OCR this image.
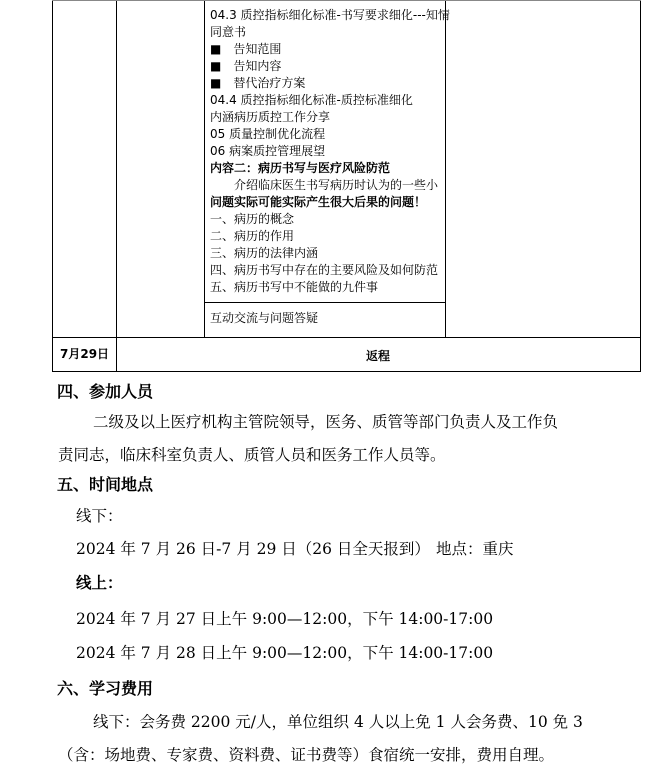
04.3 质控指标细化标准-书写要求细化---知情
同意书
■　告知范围
■　告知内容
■　替代治疗方案
04.4 质控指标细化标准-质控标准细化
内涵病历质控工作分享
05 质量控制优化流程
06 病案质控管理展望
内容二：病历书写与医疗风险防范
　　介绍临床医生书写病历时认为的一些小
问题实际可能实际产生很大后果的问题！
一、病历的概念
二、病历的作用
三、病历的法律内涵
四、病历书写中存在的主要风险及如何防范
五、病历书写中不能做的九件事
互动交流与问题答疑
7月29日	返程
四、参加人员
二级及以上医疗机构主管院领导，医务、质管等部门负责人及工作负
责同志，临床科室负责人、质管人员和医务工作人员等。
五、时间地点
线下：
2024 年 7 月 26 日-7 月 29 日（26 日全天报到） 地点：重庆
线上：
2024 年 7 月 27 日上午 9:00—12:00，下午 14:00-17:00
2024 年 7 月 28 日上午 9:00—12:00，下午 14:00-17:00
六、学习费用
线下：会务费 2200 元/人，单位组织 4 人以上免 1 人会务费、10 免 3
（含：场地费、专家费、资料费、证书费等）食宿统一安排，费用自理。
